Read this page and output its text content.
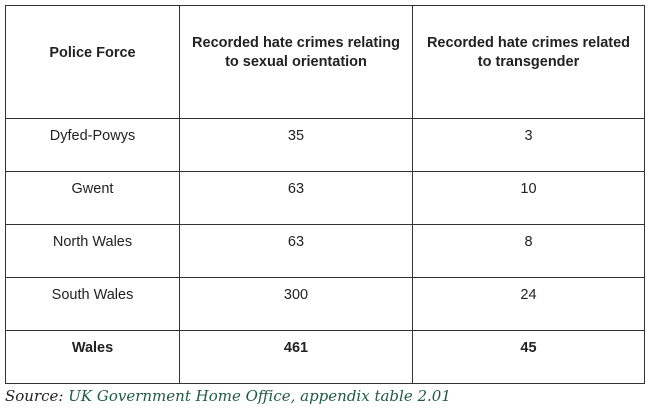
Police Force	Recorded hate crimes relating to sexual orientation	Recorded hate crimes related to transgender
Dyfed-Powys	35	3
Gwent	63	10
North Wales	63	8
South Wales	300	24
Wales	461	45
Source: UK Government Home Office, appendix table 2.01
